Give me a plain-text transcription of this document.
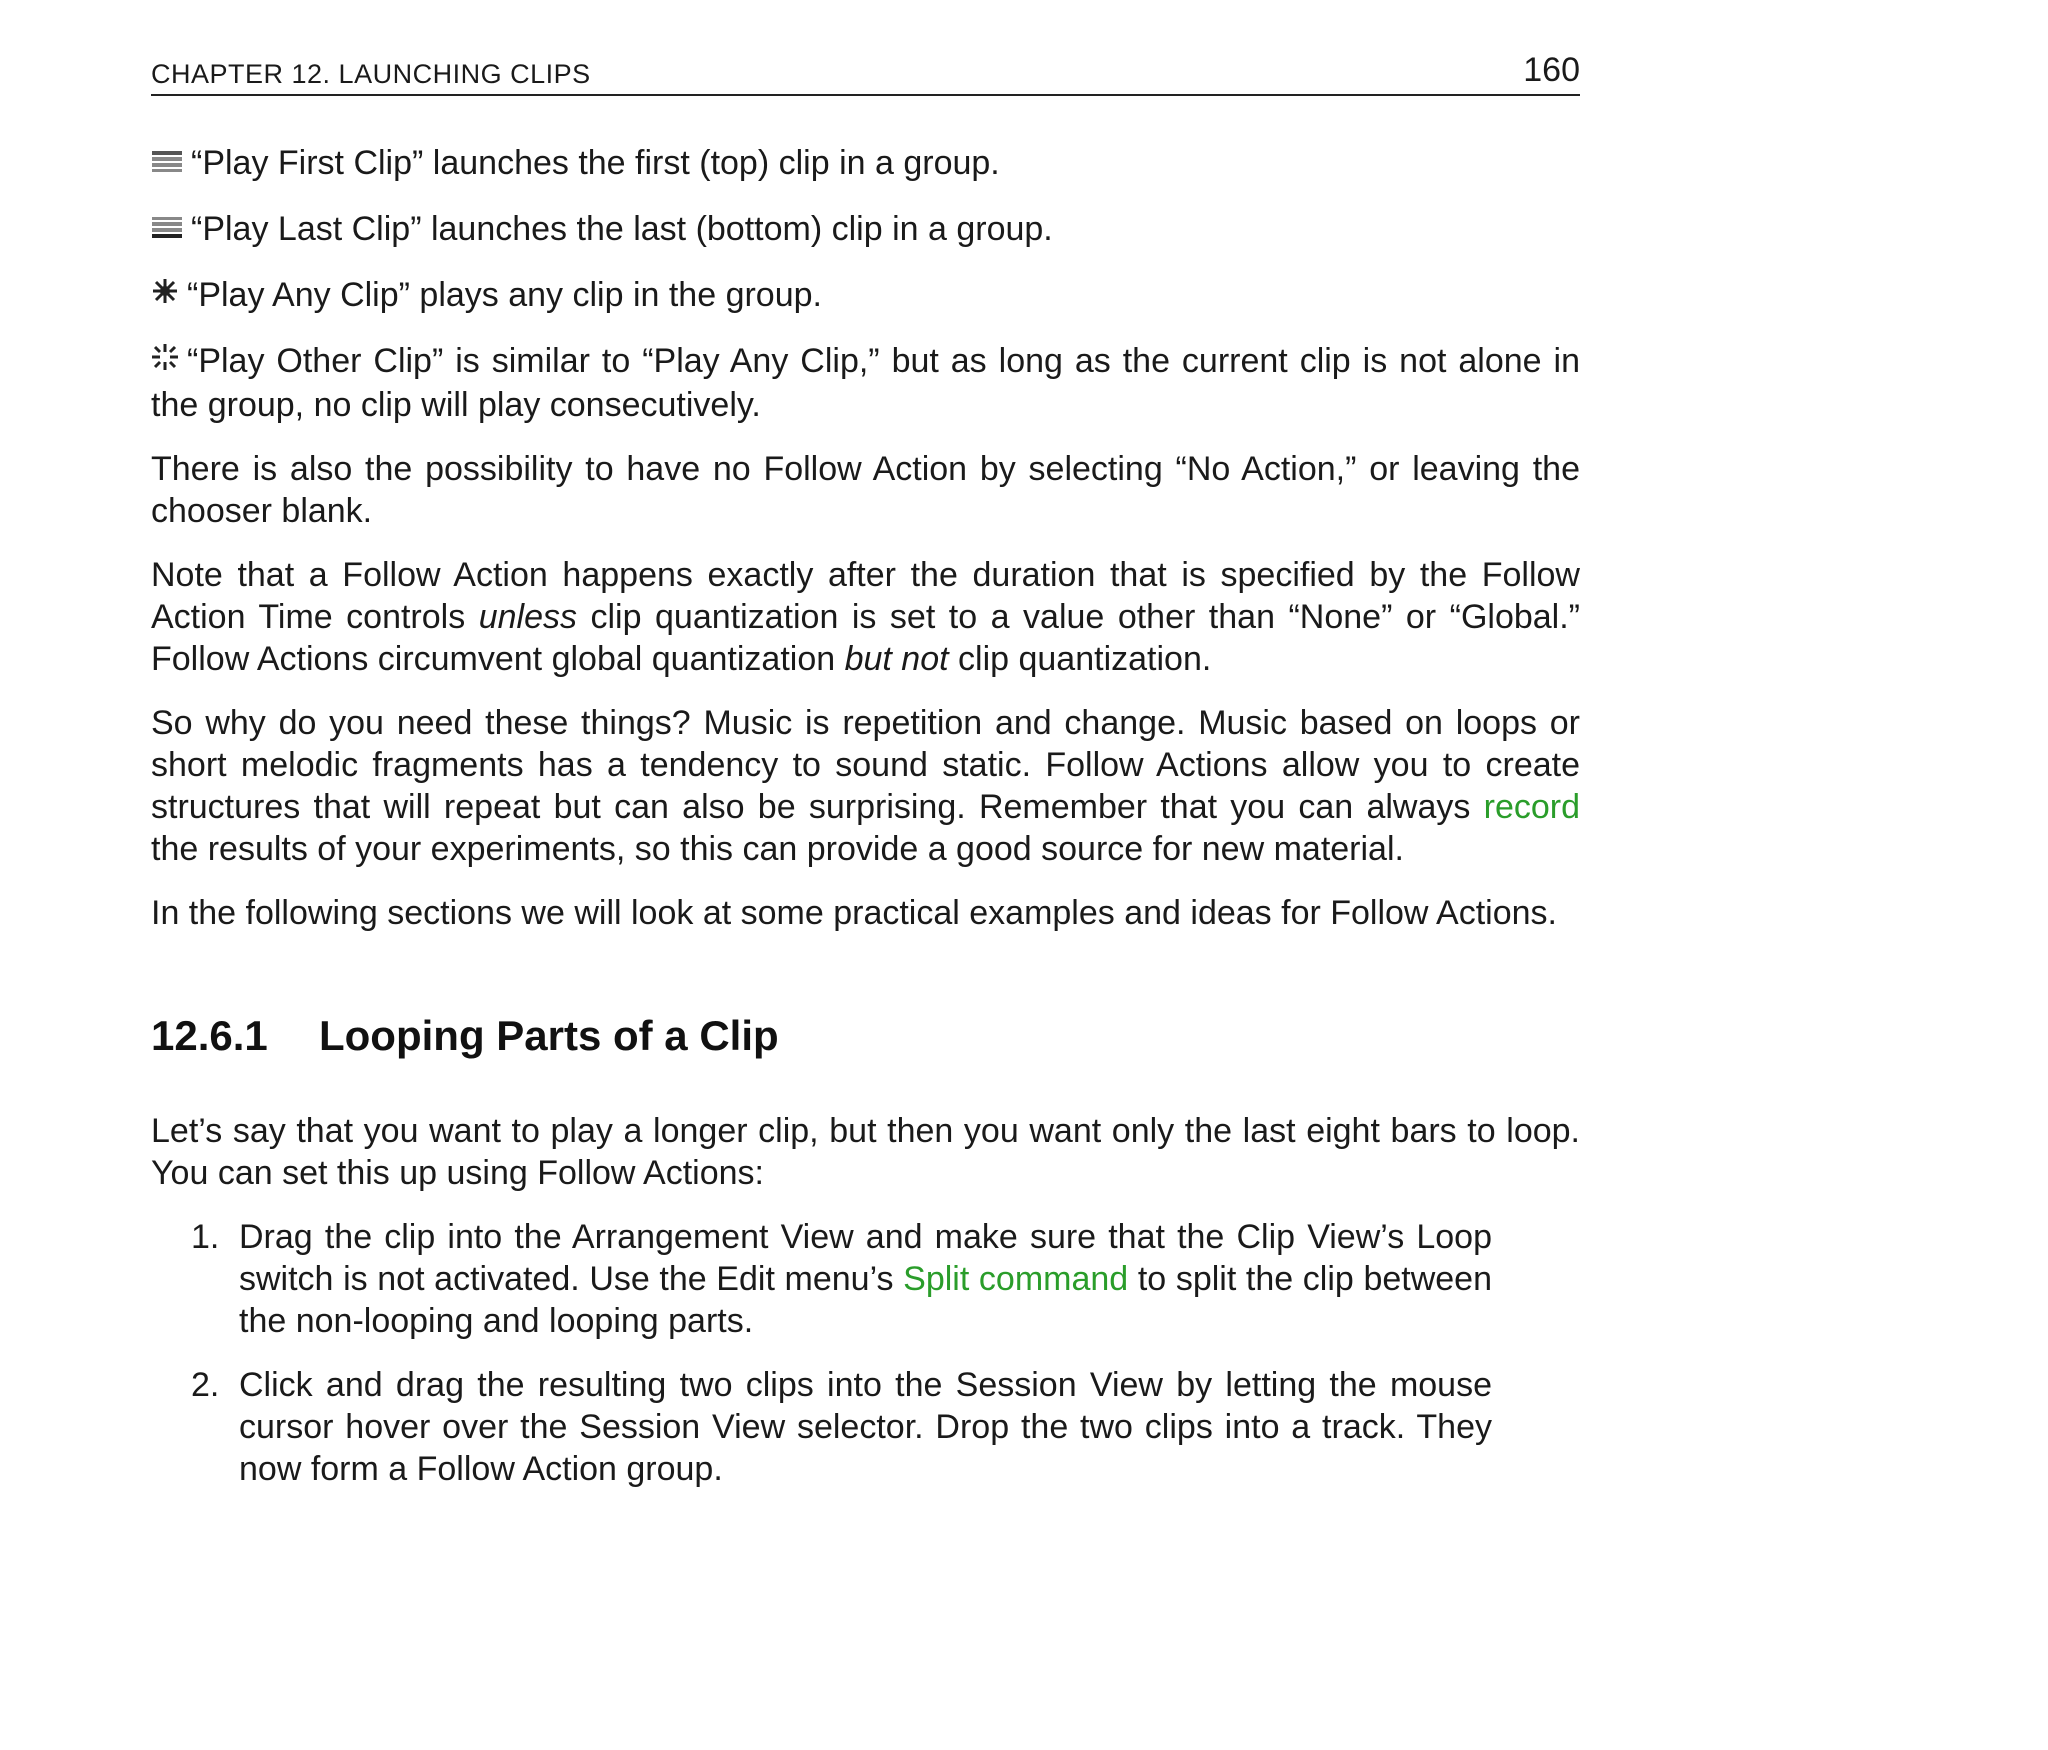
CHAPTER 12. LAUNCHING CLIPS	160

“Play First Clip” launches the first (top) clip in a group.

“Play Last Clip” launches the last (bottom) clip in a group.

“Play Any Clip” plays any clip in the group.

“Play Other Clip” is similar to “Play Any Clip,” but as long as the current clip is not alone in the group, no clip will play consecutively.

There is also the possibility to have no Follow Action by selecting “No Action,” or leaving the chooser blank.

Note that a Follow Action happens exactly after the duration that is specified by the Follow Action Time controls unless clip quantization is set to a value other than “None” or “Global.” Follow Actions circumvent global quantization but not clip quantization.

So why do you need these things? Music is repetition and change. Music based on loops or short melodic fragments has a tendency to sound static. Follow Actions allow you to create structures that will repeat but can also be surprising. Remember that you can always record the results of your experiments, so this can provide a good source for new material.

In the following sections we will look at some practical examples and ideas for Follow Actions.

12.6.1 Looping Parts of a Clip

Let’s say that you want to play a longer clip, but then you want only the last eight bars to loop. You can set this up using Follow Actions:

1. Drag the clip into the Arrangement View and make sure that the Clip View’s Loop switch is not activated. Use the Edit menu’s Split command to split the clip between the non-looping and looping parts.

2. Click and drag the resulting two clips into the Session View by letting the mouse cursor hover over the Session View selector. Drop the two clips into a track. They now form a Follow Action group.
